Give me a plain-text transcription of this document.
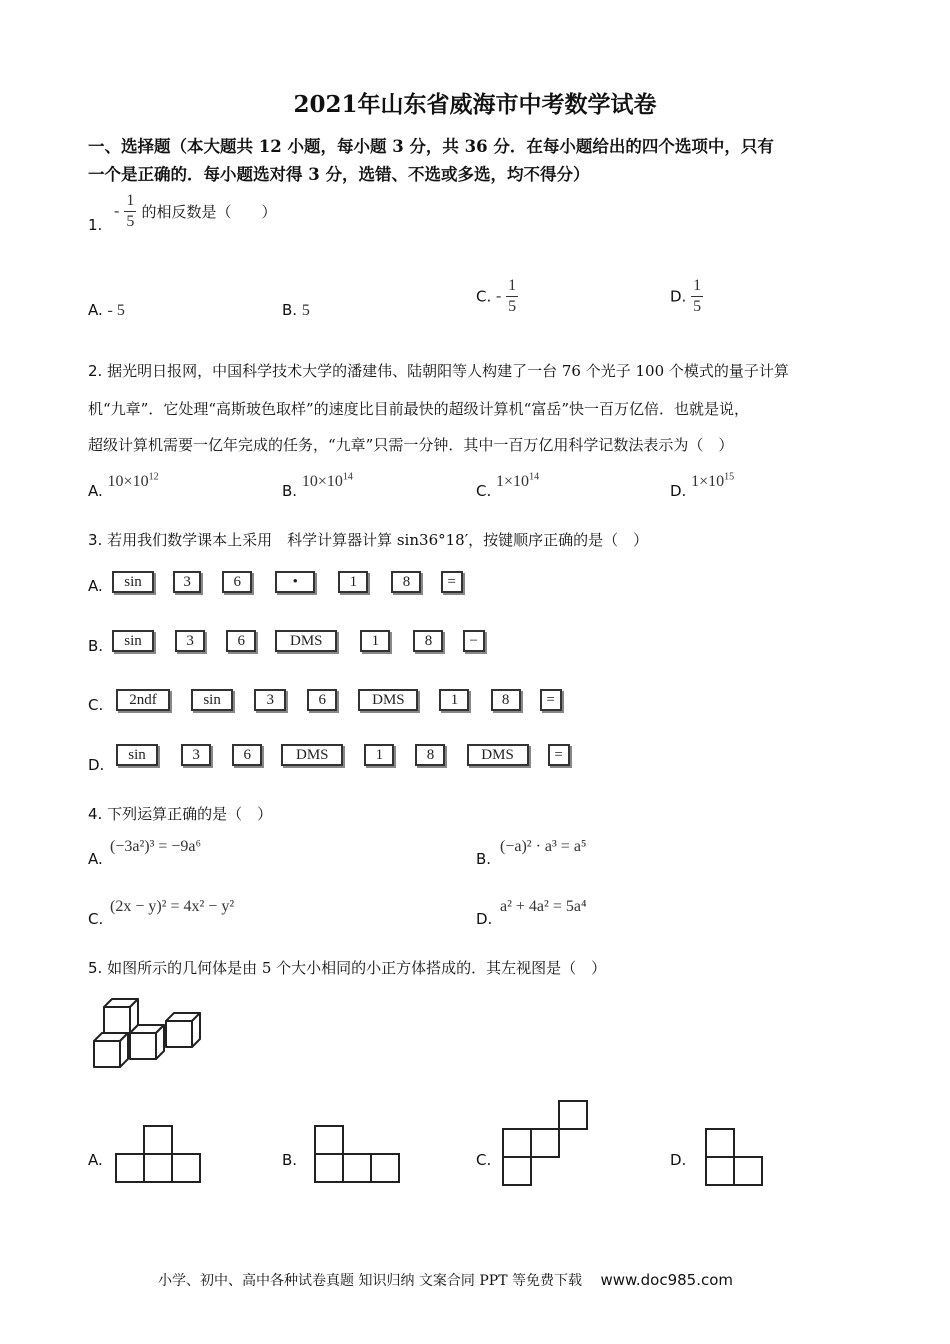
2021年山东省威海市中考数学试卷
一、选择题（本大题共 12 小题，每小题 3 分，共 36 分．在每小题给出的四个选项中，只有
一个是正确的．每小题选对得 3 分，选错、不选或多选，均不得分）
1.
- $\frac{1}{5}$ 的相反数是（　　）
A. - 5	B. 5
C. - $\frac{1}{5}$	D. $\frac{1}{5}$
2. 据光明日报网，中国科学技术大学的潘建伟、陆朝阳等人构建了一台 76 个光子 100 个模式的量子计算
机“九章”．它处理“高斯玻色取样”的速度比目前最快的超级计算机“富岳”快一百万亿倍．也就是说，
超级计算机需要一亿年完成的任务，“九章”只需一分钟．其中一百万亿用科学记数法表示为（　）
A. $10\times 10^{12}$
B. $10\times 10^{14}$
C. $1\times 10^{14}$
D. $1\times 10^{15}$
3. 若用我们数学课本上采用　科学计算器计算 sin36°18′，按键顺序正确的是（　）
A.	sin	3	6	•	1	8 =
B.	sin	3	6	DMS	1	8 −
C.	2ndf	sin	3	6	DMS	1	8 =
D.
sin	3	6	DMS	1	8	DMS	=
4. 下列运算正确的是（　）
A.
(−3a²)³ = −9a⁶
B.
(−a)² · a³ = a⁵
C.
(2x − y)² = 4x² − y²
D.
a² + 4a² = 5a⁴
5. 如图所示的几何体是由 5 个大小相同的小正方体搭成的．其左视图是（　）
A.	B.	C.	D.
小学、初中、高中各种试卷真题 知识归纳 文案合同 PPT 等免费下载 www.doc985.com
